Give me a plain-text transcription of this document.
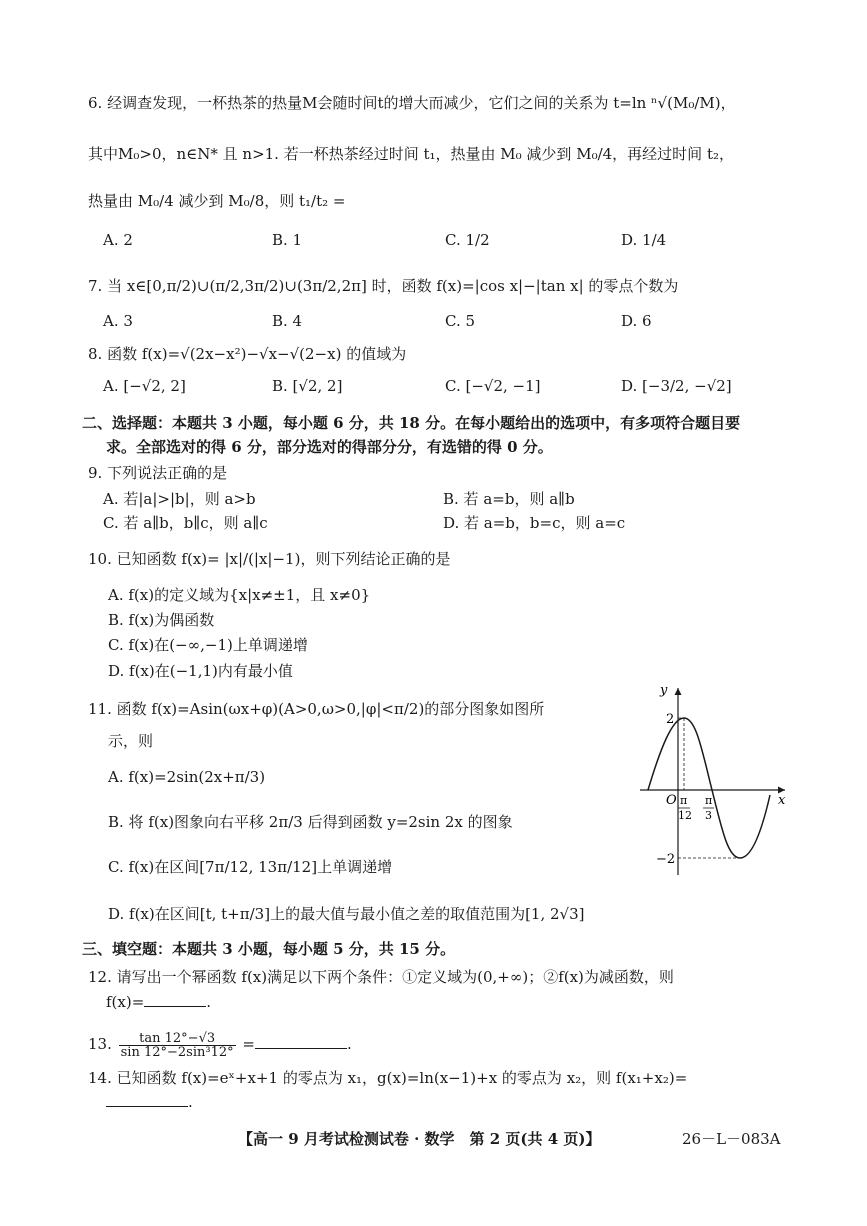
6. 经调查发现，一杯热茶的热量M会随时间t的增大而减少，它们之间的关系为 t=ln ⁿ√(M₀/M)，
其中M₀>0，n∈N* 且 n>1. 若一杯热茶经过时间 t₁，热量由 M₀ 减少到 M₀/4，再经过时间 t₂，
热量由 M₀/4 减少到 M₀/8，则 t₁/t₂ =
A. 2	B. 1	C. 1/2	D. 1/4
7. 当 x∈[0,π/2)∪(π/2,3π/2)∪(3π/2,2π] 时，函数 f(x)=|cos x|−|tan x| 的零点个数为
A. 3	B. 4	C. 5	D. 6
8. 函数 f(x)=√(2x−x²)−√x−√(2−x) 的值域为
A. [−√2, 2]	B. [√2, 2]	C. [−√2, −1]	D. [−3/2, −√2]
二、选择题：本题共 3 小题，每小题 6 分，共 18 分。在每小题给出的选项中，有多项符合题目要
求。全部选对的得 6 分，部分选对的得部分分，有选错的得 0 分。
9. 下列说法正确的是
A. 若|a|>|b|，则 a>b	B. 若 a=b，则 a∥b
C. 若 a∥b，b∥c，则 a∥c	D. 若 a=b，b=c，则 a=c
10. 已知函数 f(x)= |x|/(|x|−1)，则下列结论正确的是
A. f(x)的定义域为{x|x≠±1，且 x≠0}
B. f(x)为偶函数
C. f(x)在(−∞,−1)上单调递增
D. f(x)在(−1,1)内有最小值
11. 函数 f(x)=Asin(ωx+φ)(A>0,ω>0,|φ|<π/2)的部分图象如图所
示，则
A. f(x)=2sin(2x+π/3)
B. 将 f(x)图象向右平移 2π/3 后得到函数 y=2sin 2x 的图象
C. f(x)在区间[7π/12, 13π/12]上单调递增
D. f(x)在区间[t, t+π/3]上的最大值与最小值之差的取值范围为[1, 2√3]
y
x
O
2
−2
π
12
π
3
三、填空题：本题共 3 小题，每小题 5 分，共 15 分。
12. 请写出一个幂函数 f(x)满足以下两个条件：①定义域为(0,+∞)；②f(x)为减函数，则
f(x)=	.
13. $\frac{\tan 12^\circ-√3}{\text{sin 12°−2sin³12°}}$ =	.
14. 已知函数 f(x)=eˣ+x+1 的零点为 x₁，g(x)=ln(x−1)+x 的零点为 x₂，则 f(x₁+x₂)=
.
【高一 9 月考试检测试卷 · 数学　第 2 页(共 4 页)】	26－L－083A
